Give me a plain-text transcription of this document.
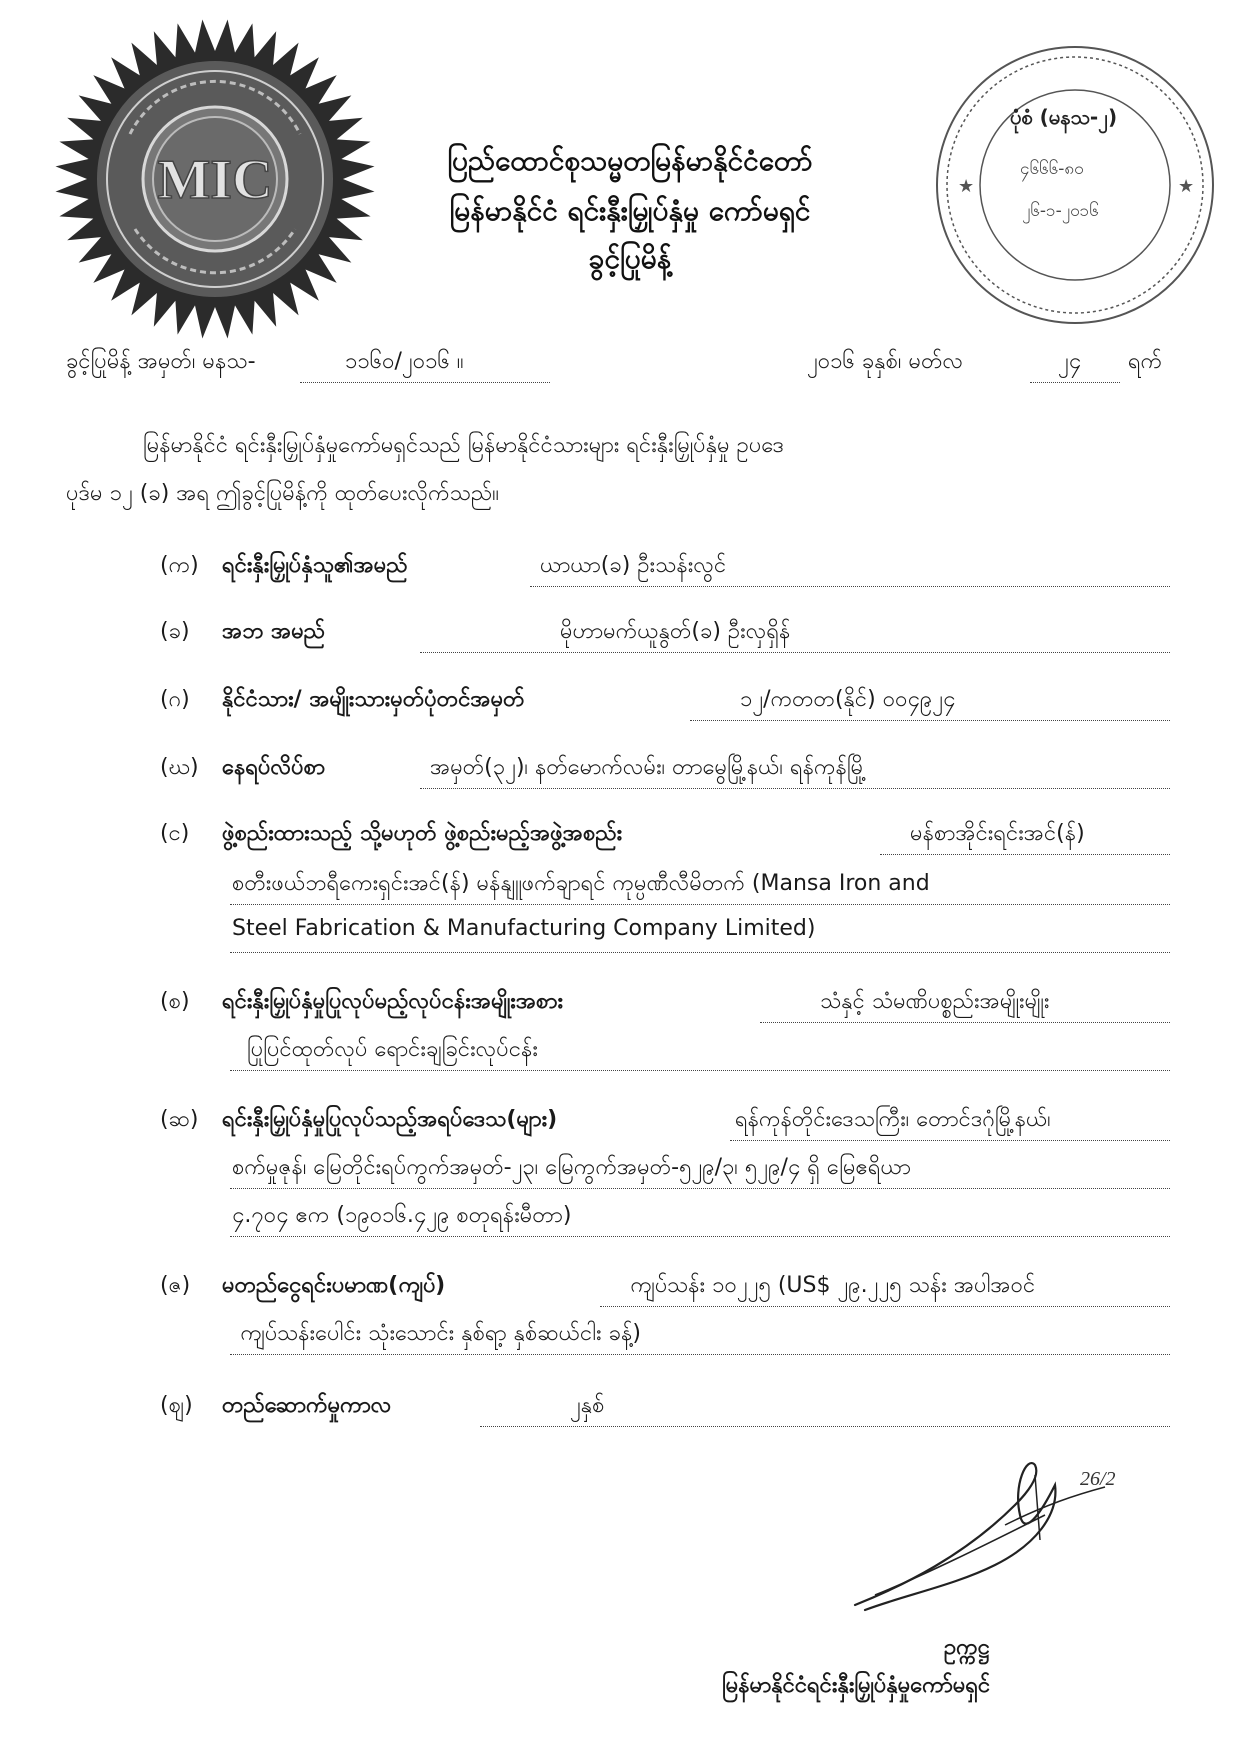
MIC	ပြည်ထောင်စုသမ္မတမြန်မာနိုင်ငံတော်
မြန်မာနိုင်ငံ ရင်းနှီးမြှုပ်နှံမှု ကော်မရှင်
ခွင့်ပြုမိန့်
★	★
ပုံစံ (မနသ-၂)
၄၆၆၆-၈၀
၂၆-၁-၂၀၁၆
ခွင့်ပြုမိန့် အမှတ်၊ မနသ-	၁၁၆၀/၂၀၁၆ ။	၂၀၁၆ ခုနှစ်၊ မတ်လ	၂၄ ရက်
မြန်မာနိုင်ငံ ရင်းနှီးမြှုပ်နှံမှုကော်မရှင်သည် မြန်မာနိုင်ငံသားများ ရင်းနှီးမြှုပ်နှံမှု ဥပဒေ
ပုဒ်မ ၁၂ (ခ) အရ ဤခွင့်ပြုမိန့်ကို ထုတ်ပေးလိုက်သည်။
(က) ရင်းနှီးမြှုပ်နှံသူ၏အမည်	ယာယာ(ခ) ဦးသန်းလွင်
(ခ) အဘ အမည်	မိုဟာမက်ယူနွတ်(ခ) ဦးလှရှိန်
(ဂ) နိုင်ငံသား/ အမျိုးသားမှတ်ပုံတင်အမှတ်	၁၂/ကတတ(နိုင်) ၀၀၄၉၂၄
(ဃ) နေရပ်လိပ်စာ	အမှတ်(၃၂)၊ နတ်မောက်လမ်း၊ တာမွေမြို့နယ်၊ ရန်ကုန်မြို့
(င) ဖွဲ့စည်းထားသည့် သို့မဟုတ် ဖွဲ့စည်းမည့်အဖွဲ့အစည်း	မန်စာအိုင်းရင်းအင်(န်)
စတီးဖယ်ဘရီကေးရှင်းအင်(န်) မန်နျူဖက်ချာရင် ကုမ္ပဏီလီမိတက် (Mansa Iron and
Steel Fabrication & Manufacturing Company Limited)
(စ) ရင်းနှီးမြှုပ်နှံမှုပြုလုပ်မည့်လုပ်ငန်းအမျိုးအစား	သံနှင့် သံမဏိပစ္စည်းအမျိုးမျိုး
ပြုပြင်ထုတ်လုပ် ရောင်းချခြင်းလုပ်ငန်း
(ဆ) ရင်းနှီးမြှုပ်နှံမှုပြုလုပ်သည့်အရပ်ဒေသ(များ)	ရန်ကုန်တိုင်းဒေသကြီး၊ တောင်ဒဂုံမြို့နယ်၊
စက်မှုဇုန်၊ မြေတိုင်းရပ်ကွက်အမှတ်-၂၃၊ မြေကွက်အမှတ်-၅၂၉/၃၊ ၅၂၉/၄ ရှိ မြေဧရိယာ
၄.၇၀၄ ဧက (၁၉၀၁၆.၄၂၉ စတုရန်းမီတာ)
(ဇ) မတည်ငွေရင်းပမာဏ(ကျပ်)	ကျပ်သန်း ၁၀၂၂၅ (US$ ၂၉.၂၂၅ သန်း အပါအဝင်
ကျပ်သန်းပေါင်း သုံးသောင်း နှစ်ရာ့ နှစ်ဆယ်ငါး ခန့်)
(ဈ) တည်ဆောက်မှုကာလ	၂နှစ်
26/2
ဥက္ကဋ္ဌ
မြန်မာနိုင်ငံရင်းနှီးမြှုပ်နှံမှုကော်မရှင်
